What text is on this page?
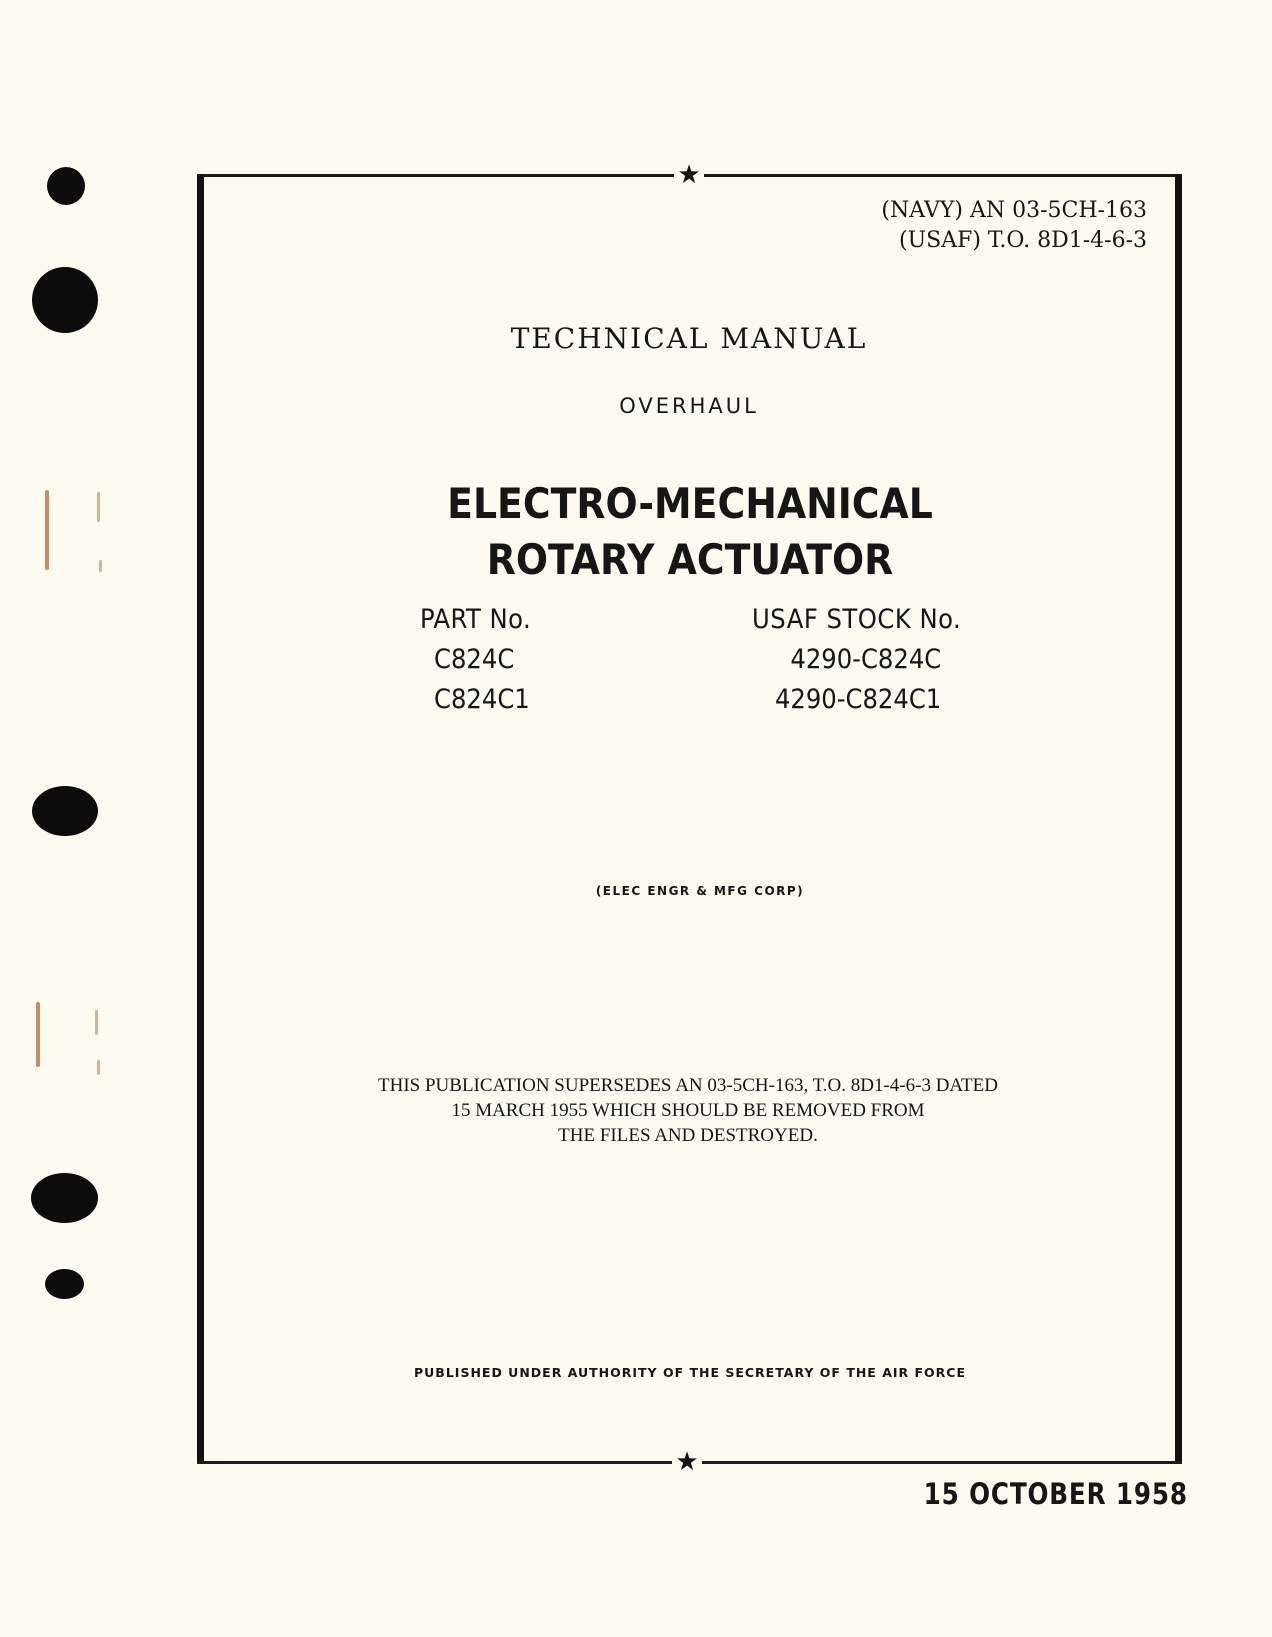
★
★
(NAVY) AN 03-5CH-163
(USAF) T.O. 8D1-4-6-3
TECHNICAL MANUAL
OVERHAUL
ELECTRO-MECHANICAL
ROTARY ACTUATOR
PART No.
C824C
C824C1
USAF STOCK No.
4290-C824C
4290-C824C1
(ELEC ENGR & MFG CORP)
THIS PUBLICATION SUPERSEDES AN 03-5CH-163, T.O. 8D1-4-6-3 DATED
15 MARCH 1955 WHICH SHOULD BE REMOVED FROM
THE FILES AND DESTROYED.
PUBLISHED UNDER AUTHORITY OF THE SECRETARY OF THE AIR FORCE
15 OCTOBER 1958
